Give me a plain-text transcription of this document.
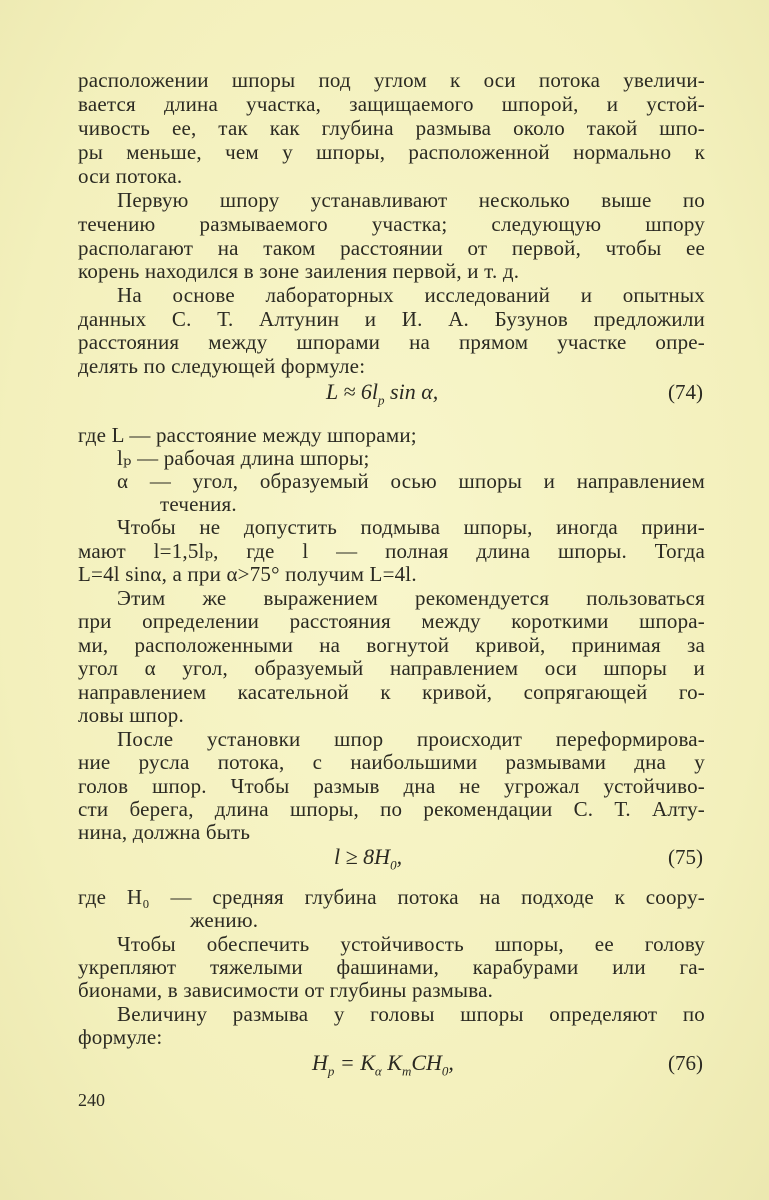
расположении шпоры под углом к оси потока увеличи-
вается длина участка, защищаемого шпорой, и устой-
чивость ее, так как глубина размыва около такой шпо-
ры меньше, чем у шпоры, расположенной нормально к
оси потока.
Первую шпору устанавливают несколько выше по
течению размываемого участка; следующую шпору
располагают на таком расстоянии от первой, чтобы ее
корень находился в зоне заиления первой, и т. д.
На основе лабораторных исследований и опытных
данных С. Т. Алтунин и И. А. Бузунов предложили
расстояния между шпорами на прямом участке опре-
делять по следующей формуле:
$L \approx 6l_p$ sin α,	(74)
где L — расстояние между шпорами;
lₚ — рабочая длина шпоры;
α — угол, образуемый осью шпоры и направлением
течения.
Чтобы не допустить подмыва шпоры, иногда прини-
мают l=1,5lₚ, где l — полная длина шпоры. Тогда
L=4l sinα, а при α>75° получим L=4l.
Этим же выражением рекомендуется пользоваться
при определении расстояния между короткими шпора-
ми, расположенными на вогнутой кривой, принимая за
угол α угол, образуемый направлением оси шпоры и
направлением касательной к кривой, сопрягающей го-
ловы шпор.
После установки шпор происходит переформирова-
ние русла потока, с наибольшими размывами дна у
голов шпор. Чтобы размыв дна не угрожал устойчиво-
сти берега, длина шпоры, по рекомендации С. Т. Алту-
нина, должна быть
$l \ge 8H_0$,	(75)
где H₀ — средняя глубина потока на подходе к соору-
жению.
Чтобы обеспечить устойчивость шпоры, ее голову
укрепляют тяжелыми фашинами, карабурами или га-
бионами, в зависимости от глубины размыва.
Величину размыва у головы шпоры определяют по
формуле:
$H_p = K_\alpha$ $K_mCH_0$,	(76)
240
